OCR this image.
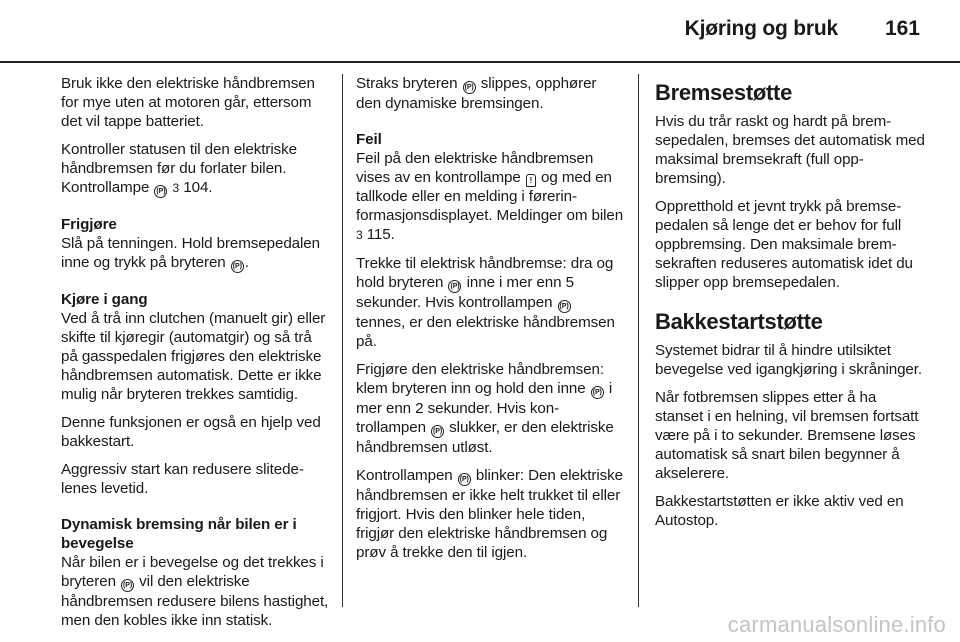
Kjøring og bruk 161

Bruk ikke den elektriske håndbremsen for mye uten at motoren går, ettersom det vil tappe batteriet.

Kontroller statusen til den elektriske håndbremsen før du forlater bilen. Kontrollampe (P) 3 104.

Frigjøre

Slå på tenningen. Hold bremsepedalen inne og trykk på bryteren (P) .

Kjøre i gang

Ved å trå inn clutchen (manuelt gir) eller skifte til kjøregir (automatgir) og så trå på gasspedalen frigjøres den elektriske håndbremsen automatisk. Dette er ikke mulig når bryteren trekkes samtidig.

Denne funksjonen er også en hjelp ved bakkestart.

Aggressiv start kan redusere slitedelenes levetid.

Dynamisk bremsing når bilen er i bevegelse

Når bilen er i bevegelse og det trekkes i bryteren (P) vil den elektriske håndbremsen redusere bilens hastighet, men den kobles ikke inn statisk.

Straks bryteren (P) slippes, opphører den dynamiske bremsingen.

Feil

Feil på den elektriske håndbremsen vises av en kontrollampe ! og med en tallkode eller en melding i førerinformasjonsdisplayet. Meldinger om bilen 3 115.

Trekke til elektrisk håndbremse: dra og hold bryteren (P) inne i mer enn 5 sekunder. Hvis kontrollampen (P) tennes, er den elektriske håndbremsen på.

Frigjøre den elektriske håndbremsen: klem bryteren inn og hold den inne (P) i mer enn 2 sekunder. Hvis kontrollampen (P) slukker, er den elektriske håndbremsen utløst.

Kontrollampen (P) blinker: Den elektriske håndbremsen er ikke helt trukket til eller frigjort. Hvis den blinker hele tiden, frigjør den elektriske håndbremsen og prøv å trekke den til igjen.

Bremsestøtte

Hvis du trår raskt og hardt på bremsepedalen, bremses det automatisk med maksimal bremsekraft (full oppbremsing).

Oppretthold et jevnt trykk på bremsepedalen så lenge det er behov for full oppbremsing. Den maksimale bremsekraften reduseres automatisk idet du slipper opp bremsepedalen.

Bakkestartstøtte

Systemet bidrar til å hindre utilsiktet bevegelse ved igangkjøring i skråninger.

Når fotbremsen slippes etter å ha stanset i en helning, vil bremsen fortsatt være på i to sekunder. Bremsene løses automatisk så snart bilen begynner å akselerere.

Bakkestartstøtten er ikke aktiv ved en Autostop.

carmanualsonline.info
